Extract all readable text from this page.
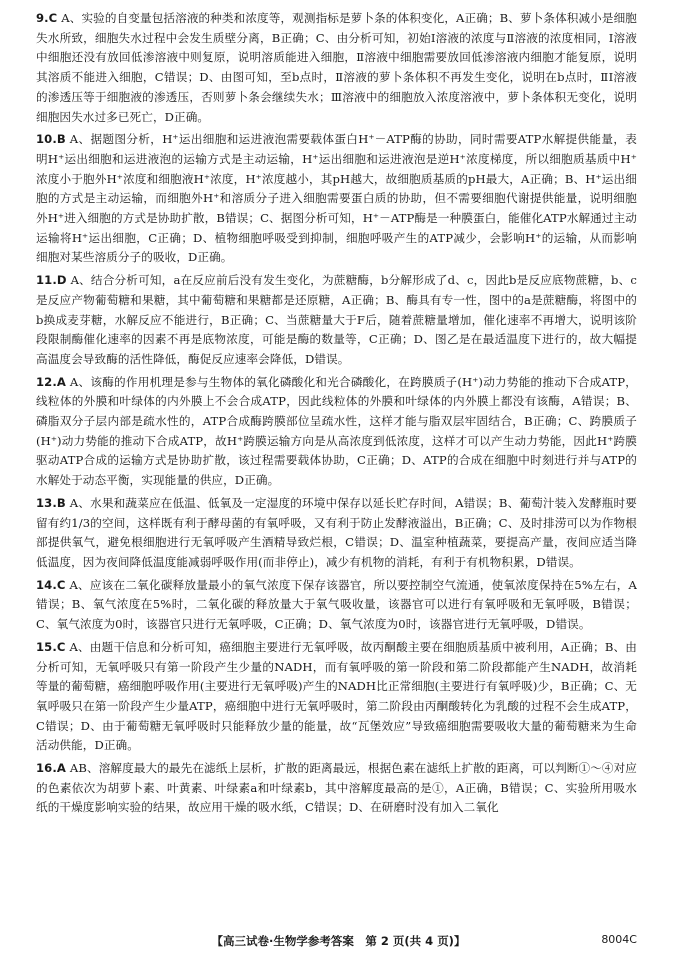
9.C A、实验的自变量包括溶液的种类和浓度等，观测指标是萝卜条的体积变化，A正确；B、萝卜条体积减小是细胞失水所致，细胞失水过程中会发生质壁分离，B正确；C、由分析可知，初始Ⅰ溶液的浓度与Ⅱ溶液的浓度相同，Ⅰ溶液中细胞还没有放回低渗溶液中则复原，说明溶质能进入细胞，Ⅱ溶液中细胞需要放回低渗溶液内细胞才能复原，说明其溶质不能进入细胞，C错误；D、由图可知，至b点时，Ⅱ溶液的萝卜条体积不再发生变化，说明在b点时，ⅡⅠ溶液的渗透压等于细胞液的渗透压，否则萝卜条会继续失水；Ⅲ溶液中的细胞放入浓度溶液中，萝卜条体积无变化，说明细胞因失水过多已死亡，D正确。

10.B A、据题图分析，H⁺运出细胞和运进液泡需要载体蛋白H⁺－ATP酶的协助，同时需要ATP水解提供能量，表明H⁺运出细胞和运进液泡的运输方式是主动运输，H⁺运出细胞和运进液泡是逆H⁺浓度梯度，所以细胞质基质中H⁺浓度小于胞外H⁺浓度和细胞液H⁺浓度，H⁺浓度越小，其pH越大，故细胞质基质的pH最大，A正确；B、H⁺运出细胞的方式是主动运输，而细胞外H⁺和溶质分子进入细胞需要蛋白质的协助，但不需要细胞代谢提供能量，说明细胞外H⁺进入细胞的方式是协助扩散，B错误；C、据图分析可知，H⁺－ATP酶是一种膜蛋白，能催化ATP水解通过主动运输将H⁺运出细胞，C正确；D、植物细胞呼吸受到抑制，细胞呼吸产生的ATP减少，会影响H⁺的运输，从而影响细胞对某些溶质分子的吸收，D正确。

11.D A、结合分析可知，a在反应前后没有发生变化，为蔗糖酶，b分解形成了d、c，因此b是反应底物蔗糖，b、c是反应产物葡萄糖和果糖，其中葡萄糖和果糖都是还原糖，A正确；B、酶具有专一性，图中的a是蔗糖酶，将图中的b换成麦芽糖，水解反应不能进行，B正确；C、当蔗糖量大于F后，随着蔗糖量增加，催化速率不再增大，说明该阶段限制酶催化速率的因素不再是底物浓度，可能是酶的数量等，C正确；D、图乙是在最适温度下进行的，故大幅提高温度会导致酶的活性降低，酶促反应速率会降低，D错误。

12.A A、该酶的作用机理是参与生物体的氧化磷酸化和光合磷酸化，在跨膜质子(H⁺)动力势能的推动下合成ATP，线粒体的外膜和叶绿体的内外膜上不会合成ATP，因此线粒体的外膜和叶绿体的内外膜上都没有该酶，A错误；B、磷脂双分子层内部是疏水性的，ATP合成酶跨膜部位呈疏水性，这样才能与脂双层牢固结合，B正确；C、跨膜质子(H⁺)动力势能的推动下合成ATP，故H⁺跨膜运输方向是从高浓度到低浓度，这样才可以产生动力势能，因此H⁺跨膜驱动ATP合成的运输方式是协助扩散，该过程需要载体协助，C正确；D、ATP的合成在细胞中时刻进行并与ATP的水解处于动态平衡，实现能量的供应，D正确。

13.B A、水果和蔬菜应在低温、低氧及一定湿度的环境中保存以延长贮存时间，A错误；B、葡萄汁装入发酵瓶时要留有约1/3的空间，这样既有利于酵母菌的有氧呼吸，又有利于防止发酵液溢出，B正确；C、及时排涝可以为作物根部提供氧气，避免根细胞进行无氧呼吸产生酒精导致烂根，C错误；D、温室种植蔬菜，要提高产量，夜间应适当降低温度，因为夜间降低温度能减弱呼吸作用(而非停止)，减少有机物的消耗，有利于有机物积累，D错误。

14.C A、应该在二氧化碳释放量最小的氧气浓度下保存该器官，所以要控制空气流通，使氧浓度保持在5%左右，A错误；B、氧气浓度在5%时，二氧化碳的释放量大于氧气吸收量，该器官可以进行有氧呼吸和无氧呼吸，B错误；C、氧气浓度为0时，该器官只进行无氧呼吸，C正确；D、氧气浓度为0时，该器官进行无氧呼吸，D错误。

15.C A、由题干信息和分析可知，癌细胞主要进行无氧呼吸，故丙酮酸主要在细胞质基质中被利用，A正确；B、由分析可知，无氧呼吸只有第一阶段产生少量的NADH，而有氧呼吸的第一阶段和第二阶段都能产生NADH，故消耗等量的葡萄糖，癌细胞呼吸作用(主要进行无氧呼吸)产生的NADH比正常细胞(主要进行有氧呼吸)少，B正确；C、无氧呼吸只在第一阶段产生少量ATP，癌细胞中进行无氧呼吸时，第二阶段由丙酮酸转化为乳酸的过程不会生成ATP，C错误；D、由于葡萄糖无氧呼吸时只能释放少量的能量，故“瓦堡效应”导致癌细胞需要吸收大量的葡萄糖来为生命活动供能，D正确。

16.A AB、溶解度最大的最先在滤纸上层析，扩散的距离最远，根据色素在滤纸上扩散的距离，可以判断①～④对应的色素依次为胡萝卜素、叶黄素、叶绿素a和叶绿素b，其中溶解度最高的是①，A正确，B错误；C、实验所用吸水纸的干燥度影响实验的结果，故应用干燥的吸水纸，C错误；D、在研磨时没有加入二氧化

【高三试卷·生物学参考答案　第 2 页(共 4 页)】	8004C
